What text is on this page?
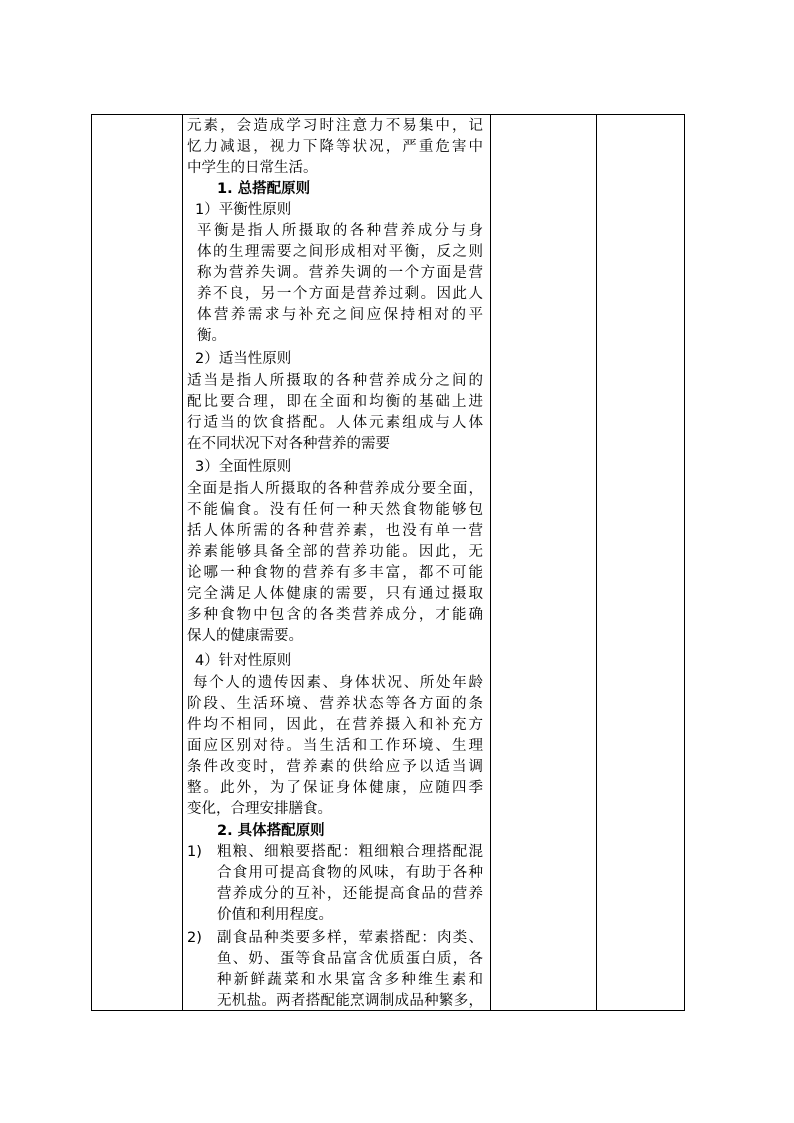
元素，会造成学习时注意力不易集中，记
忆力减退，视力下降等状况，严重危害中
中学生的日常生活。
1. 总搭配原则
1）平衡性原则
平衡是指人所摄取的各种营养成分与身
体的生理需要之间形成相对平衡，反之则
称为营养失调。营养失调的一个方面是营
养不良，另一个方面是营养过剩。因此人
体营养需求与补充之间应保持相对的平
衡。
2）适当性原则
适当是指人所摄取的各种营养成分之间的
配比要合理，即在全面和均衡的基础上进
行适当的饮食搭配。人体元素组成与人体
在不同状况下对各种营养的需要
3）全面性原则
全面是指人所摄取的各种营养成分要全面，
不能偏食。没有任何一种天然食物能够包
括人体所需的各种营养素，也没有单一营
养素能够具备全部的营养功能。因此，无
论哪一种食物的营养有多丰富，都不可能
完全满足人体健康的需要，只有通过摄取
多种食物中包含的各类营养成分，才能确
保人的健康需要。
4）针对性原则
每个人的遗传因素、身体状况、所处年龄
阶段、生活环境、营养状态等各方面的条
件均不相同，因此，在营养摄入和补充方
面应区别对待。当生活和工作环境、生理
条件改变时，营养素的供给应予以适当调
整。此外，为了保证身体健康，应随四季
变化，合理安排膳食。
2. 具体搭配原则
1) 粗粮、细粮要搭配：粗细粮合理搭配混
合食用可提高食物的风味，有助于各种
营养成分的互补，还能提高食品的营养
价值和利用程度。
2) 副食品种类要多样，荤素搭配：肉类、
鱼、奶、蛋等食品富含优质蛋白质，各
种新鲜蔬菜和水果富含多种维生素和
无机盐。两者搭配能烹调制成品种繁多，
